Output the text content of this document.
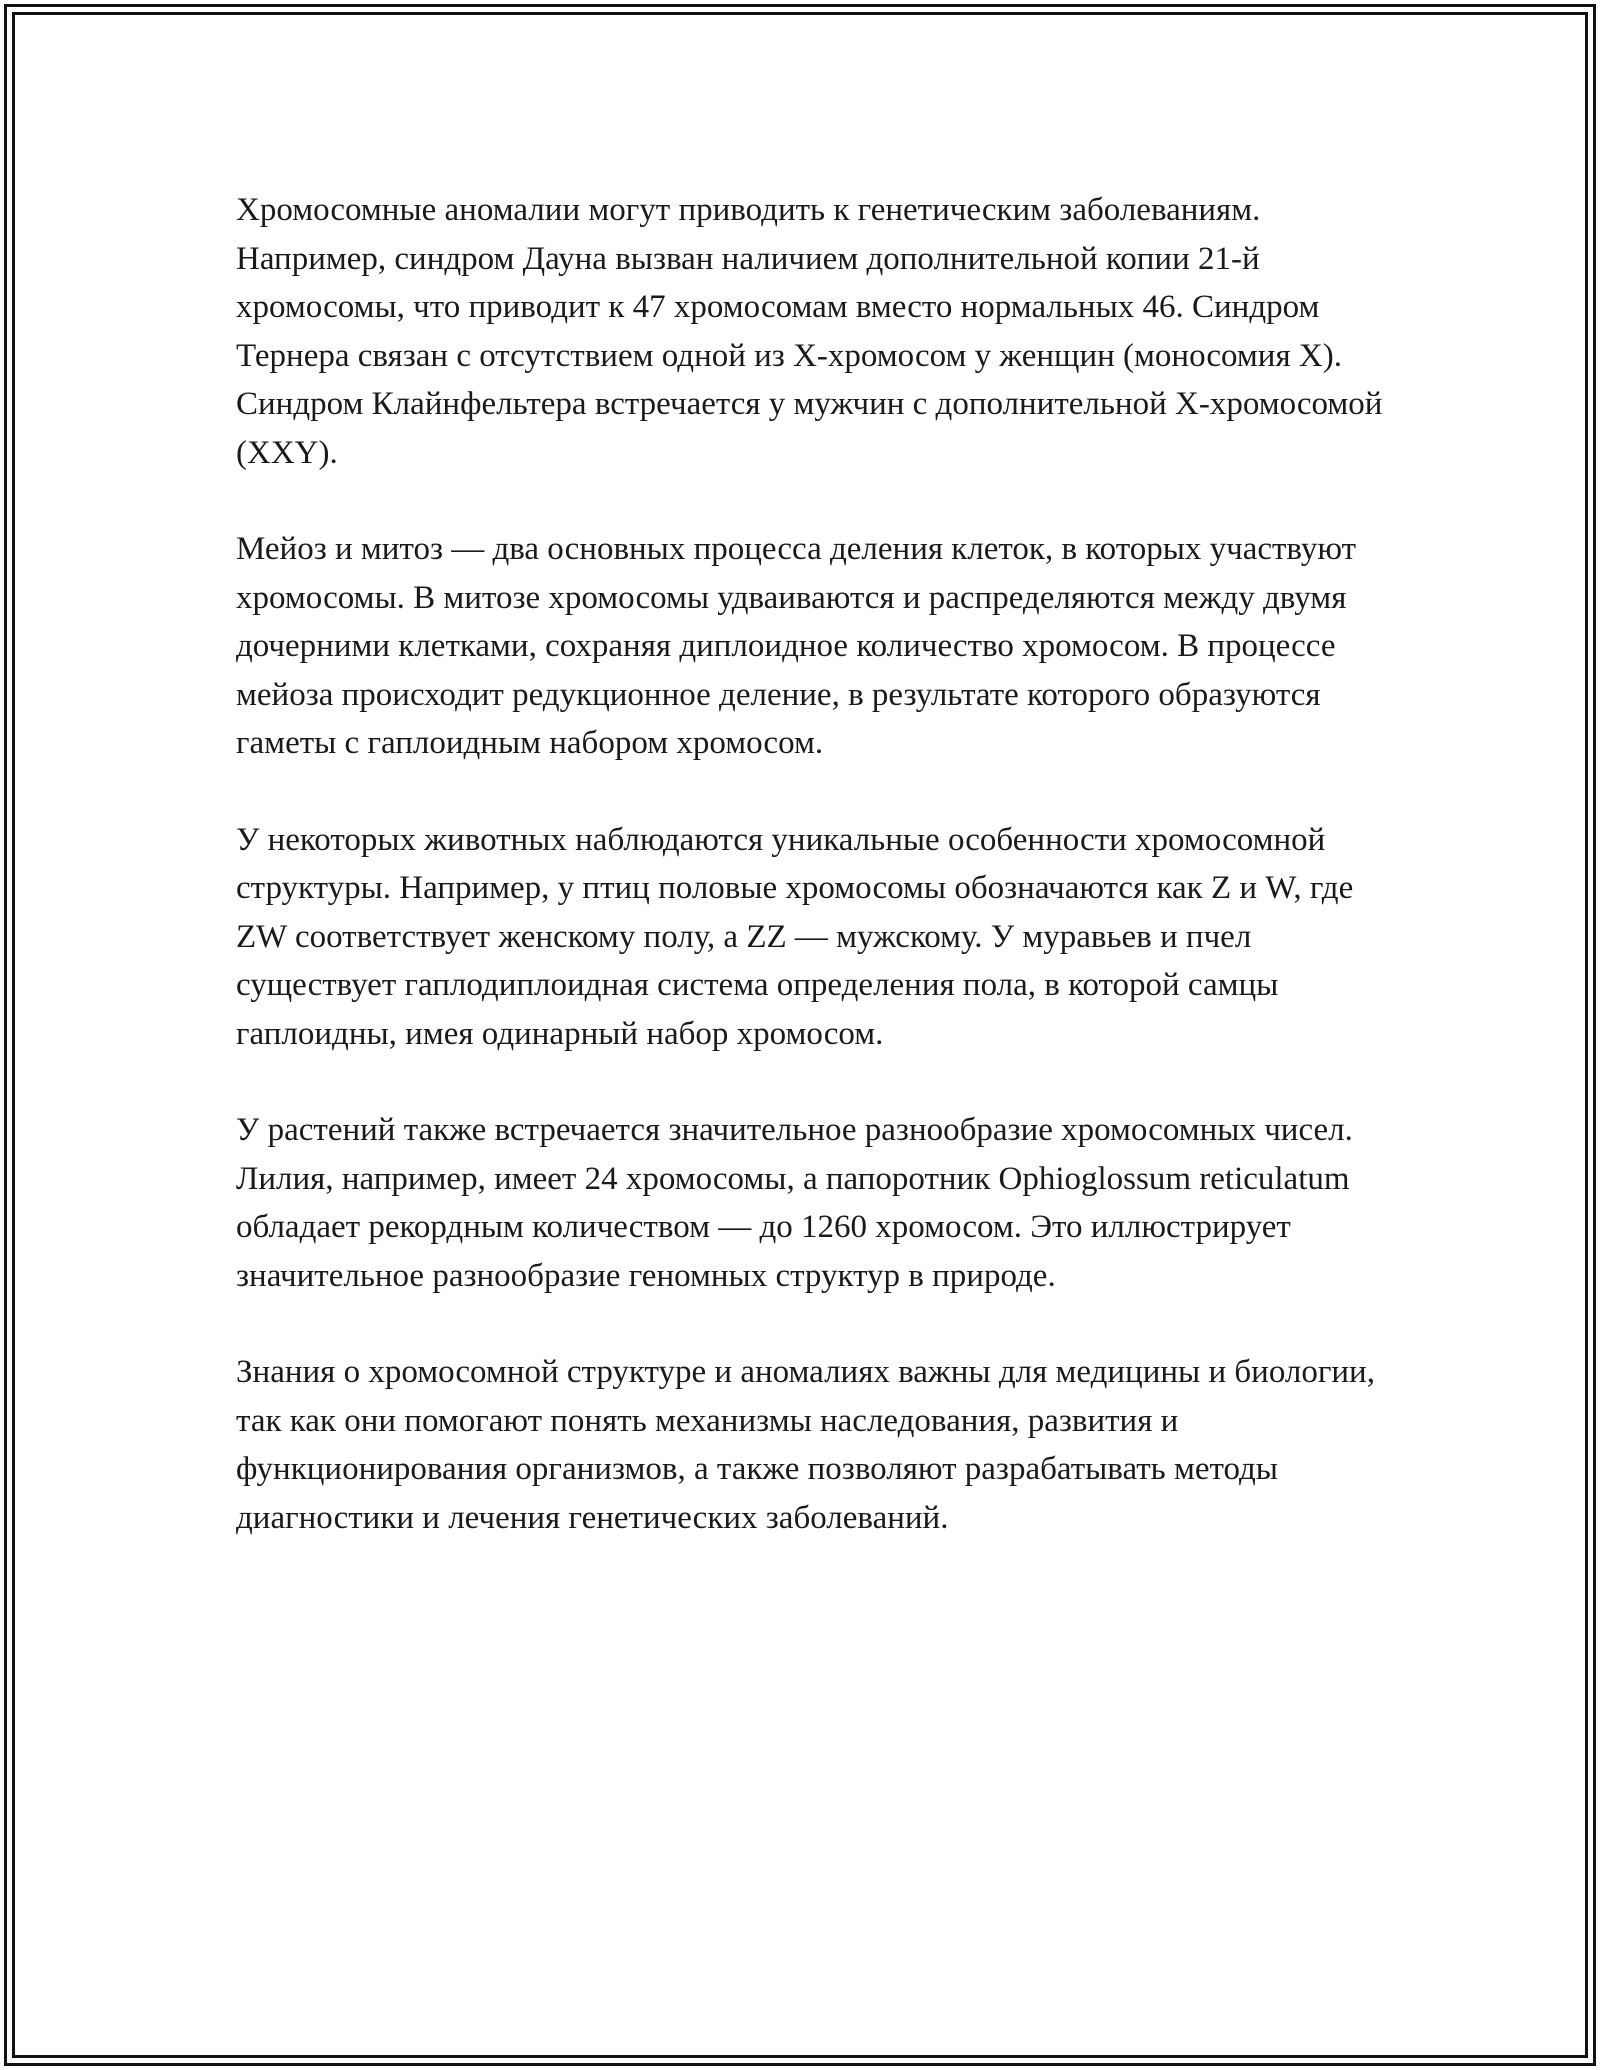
Хромосомные аномалии могут приводить к генетическим заболеваниям. Например, синдром Дауна вызван наличием дополнительной копии 21-й хромосомы, что приводит к 47 хромосомам вместо нормальных 46. Синдром Тернера связан с отсутствием одной из X-хромосом у женщин (моносомия X). Синдром Клайнфельтера встречается у мужчин с дополнительной X-хромосомой (XXY).

Мейоз и митоз — два основных процесса деления клеток, в которых участвуют хромосомы. В митозе хромосомы удваиваются и распределяются между двумя дочерними клетками, сохраняя диплоидное количество хромосом. В процессе мейоза происходит редукционное деление, в результате которого образуются гаметы с гаплоидным набором хромосом.

У некоторых животных наблюдаются уникальные особенности хромосомной структуры. Например, у птиц половые хромосомы обозначаются как Z и W, где ZW соответствует женскому полу, а ZZ — мужскому. У муравьев и пчел существует гаплодиплоидная система определения пола, в которой самцы гаплоидны, имея одинарный набор хромосом.

У растений также встречается значительное разнообразие хромосомных чисел. Лилия, например, имеет 24 хромосомы, а папоротник Ophioglossum reticulatum обладает рекордным количеством — до 1260 хромосом. Это иллюстрирует значительное разнообразие геномных структур в природе.

Знания о хромосомной структуре и аномалиях важны для медицины и биологии, так как они помогают понять механизмы наследования, развития и функционирования организмов, а также позволяют разрабатывать методы диагностики и лечения генетических заболеваний.
